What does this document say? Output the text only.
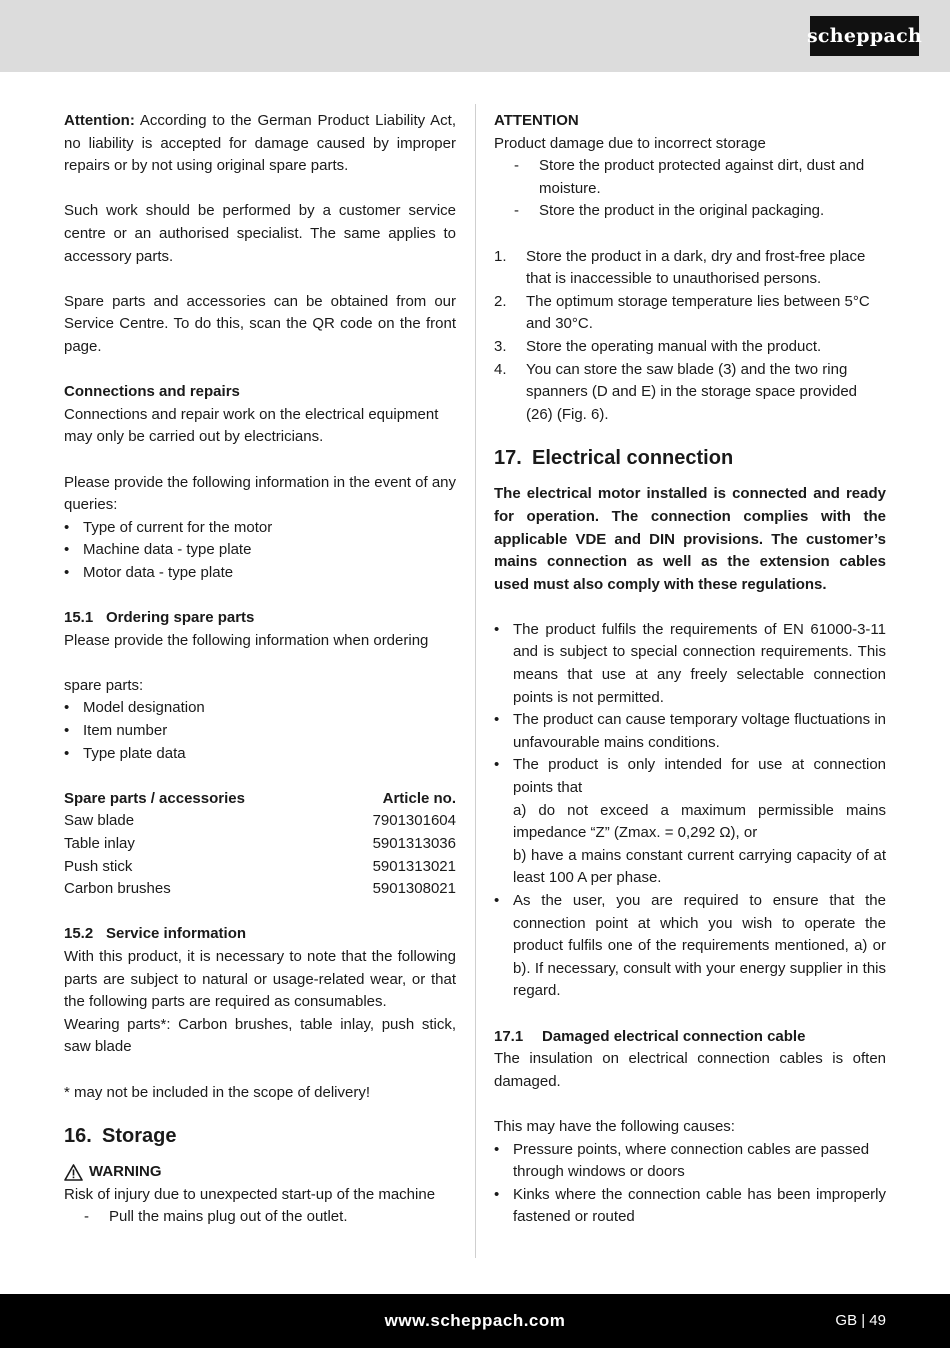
scheppach

Attention: According to the German Product Liability Act, no liability is accepted for damage caused by improper repairs or by not using original spare parts.

Such work should be performed by a customer service centre or an authorised specialist. The same applies to accessory parts.

Spare parts and accessories can be obtained from our Service Centre. To do this, scan the QR code on the front page.

Connections and repairs

Connections and repair work on the electrical equipment may only be carried out by electricians.

Please provide the following information in the event of any queries:

• Type of current for the motor
• Machine data - type plate
• Motor data - type plate
15.1 Ordering spare parts

Please provide the following information when ordering

spare parts:

• Model designation
• Item number
• Type plate data
Spare parts / accessories	Article no.
Saw blade	7901301604
Table inlay	5901313036
Push stick	5901313021
Carbon brushes	5901308021
15.2 Service information

With this product, it is necessary to note that the following parts are subject to natural or usage-related wear, or that the following parts are required as consumables.

Wearing parts*: Carbon brushes, table inlay, push stick, saw blade

* may not be included in the scope of delivery!

16. Storage
WARNING

Risk of injury due to unexpected start-up of the machine

- Pull the mains plug out of the outlet.

ATTENTION

Product damage due to incorrect storage

- Store the product protected against dirt, dust and moisture.
- Store the product in the original packaging.
1. Store the product in a dark, dry and frost-free place that is inaccessible to unauthorised persons.
2. The optimum storage temperature lies between 5°C and 30°C.
3. Store the operating manual with the product.
4. You can store the saw blade (3) and the two ring spanners (D and E) in the storage space provided (26) (Fig. 6).
17. Electrical connection

The electrical motor installed is connected and ready for operation. The connection complies with the applicable VDE and DIN provisions. The customer’s mains connection as well as the extension cables used must also comply with these regulations.

• The product fulfils the requirements of EN 61000-3-11 and is subject to special connection requirements. This means that use at any freely selectable connection points is not permitted.
• The product can cause temporary voltage fluctuations in unfavourable mains conditions.
• The product is only intended for use at connection points that
a) do not exceed a maximum permissible mains impedance “Z” (Zmax. = 0,292 Ω), or
b) have a mains constant current carrying capacity of at least 100 A per phase.
• As the user, you are required to ensure that the connection point at which you wish to operate the product fulfils one of the requirements mentioned, a) or b). If necessary, consult with your energy supplier in this regard.
17.1	Damaged electrical connection cable

The insulation on electrical connection cables is often damaged.

This may have the following causes:

• Pressure points, where connection cables are passed through windows or doors
• Kinks where the connection cable has been improperly fastened or routed
www.scheppach.com	GB | 49
